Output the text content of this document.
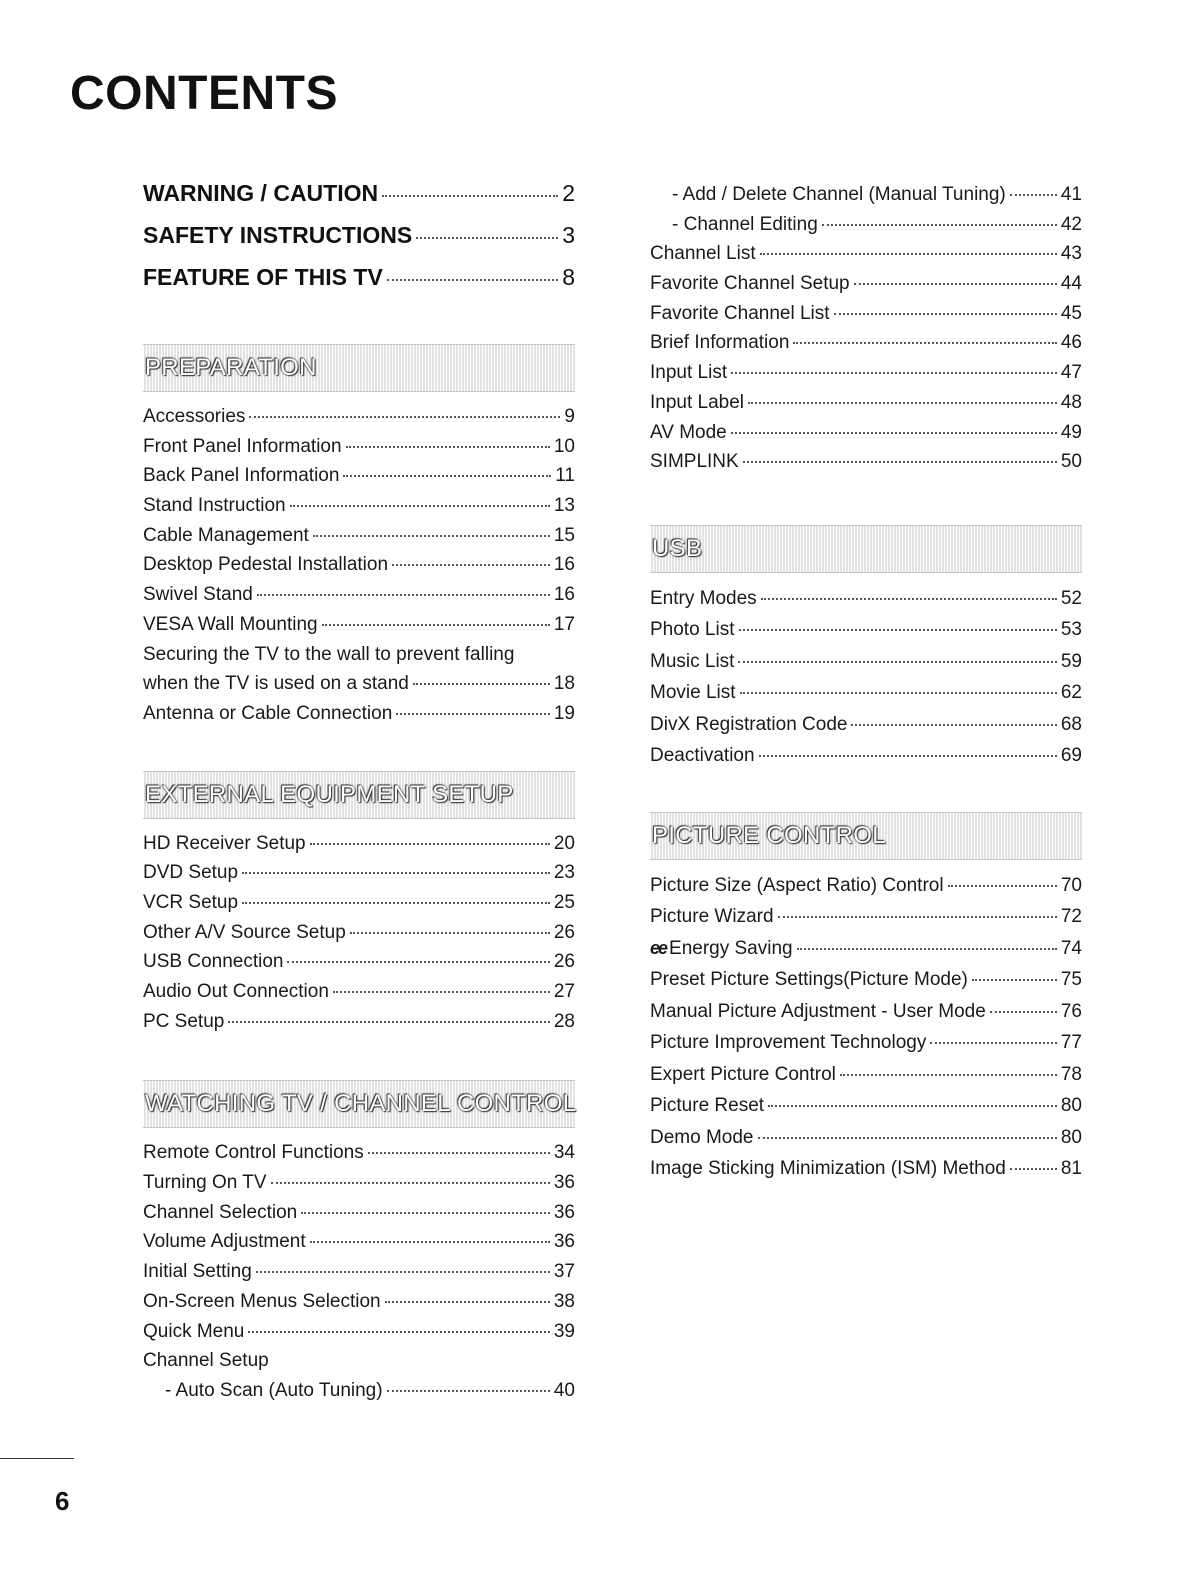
CONTENTS
WARNING / CAUTION	2
SAFETY INSTRUCTIONS	3
FEATURE OF THIS TV	8
PREPARATION
Accessories	9
Front Panel Information	10
Back Panel Information	11
Stand Instruction	13
Cable Management	15
Desktop Pedestal Installation	16
Swivel Stand	16
VESA Wall Mounting	17
Securing the TV to the wall to prevent falling
when the TV is used on a stand	18
Antenna or Cable Connection	19
EXTERNAL EQUIPMENT SETUP
HD Receiver Setup	20
DVD Setup	23
VCR Setup	25
Other A/V Source Setup	26
USB Connection	26
Audio Out Connection	27
PC Setup	28
WATCHING TV / CHANNEL CONTROL
Remote Control Functions	34
Turning On TV	36
Channel Selection	36
Volume Adjustment	36
Initial Setting	37
On-Screen Menus Selection	38
Quick Menu	39
Channel Setup
- Auto Scan (Auto Tuning)	40
- Add / Delete Channel (Manual Tuning)	41
- Channel Editing	42
Channel List	43
Favorite Channel Setup	44
Favorite Channel List	45
Brief Information	46
Input List	47
Input Label	48
AV Mode	49
SIMPLINK	50
USB
Entry Modes	52
Photo List	53
Music List	59
Movie List	62
DivX Registration Code	68
Deactivation	69
PICTURE CONTROL
Picture Size (Aspect Ratio) Control	70
Picture Wizard	72
ee Energy Saving	74
Preset Picture Settings(Picture Mode)	75
Manual Picture Adjustment - User Mode	76
Picture Improvement Technology	77
Expert Picture Control	78
Picture Reset	80
Demo Mode	80
Image Sticking Minimization (ISM) Method	81
6
